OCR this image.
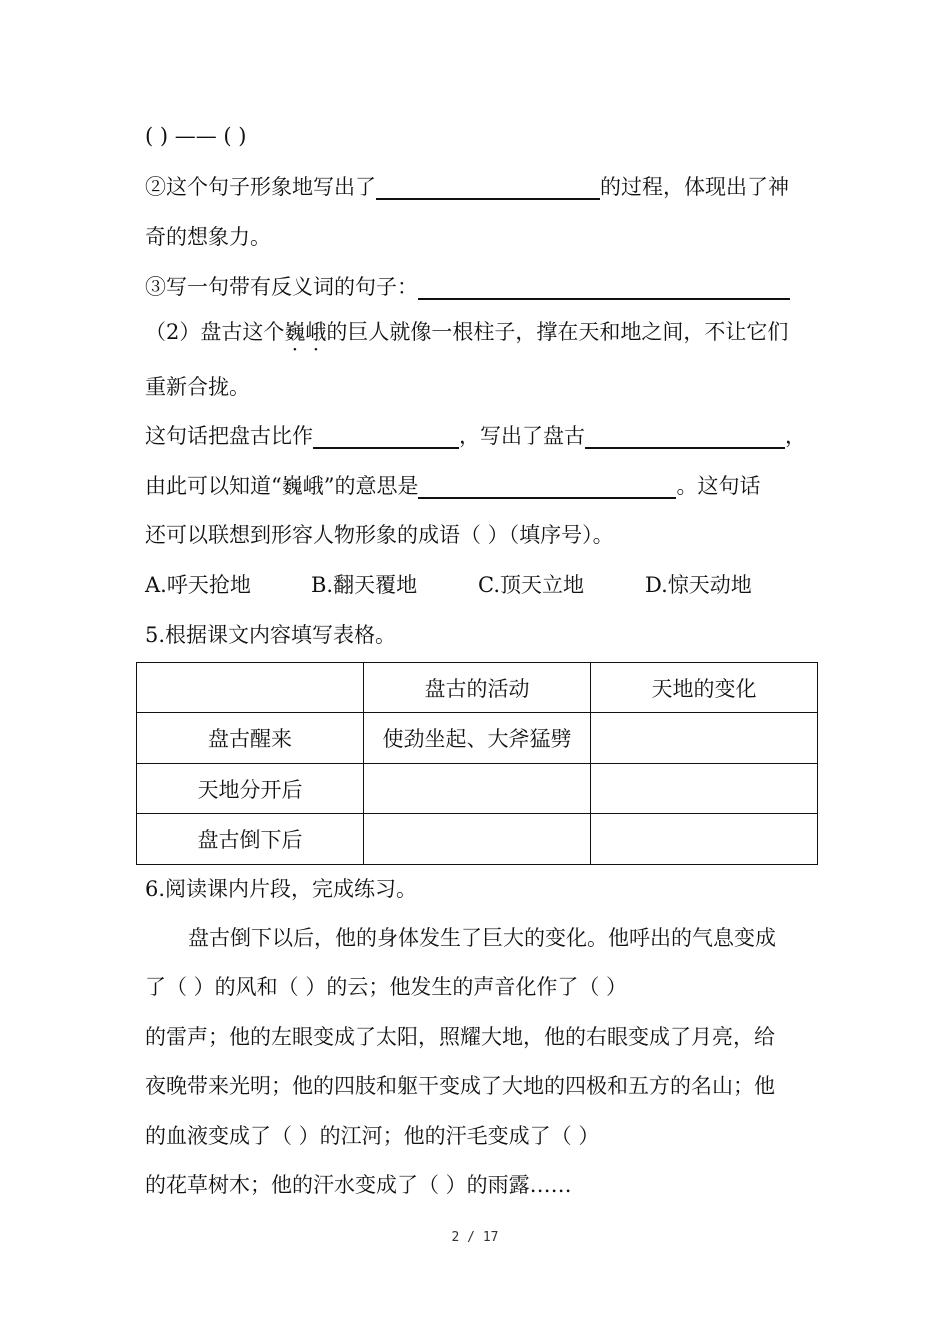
( ) —— ( )
②这个句子形象地写出了	的过程，体现出了神
奇的想象力。
③写一句带有反义词的句子：
（2）盘古这个巍峨的巨人就像一根柱子，撑在天和地之间，不让它们
重新合拢。
这句话把盘古比作	，写出了盘古	，
由此可以知道“巍峨”的意思是	。这句话
还可以联想到形容人物形象的成语（ ）（填序号）。
A.呼天抢地	B.翻天覆地	C.顶天立地	D.惊天动地
5.根据课文内容填写表格。
	盘古的活动	天地的变化
盘古醒来	使劲坐起、大斧猛劈	
天地分开后		
盘古倒下后		
6.阅读课内片段，完成练习。
盘古倒下以后，他的身体发生了巨大的变化。他呼出的气息变成
了（ ）的风和（ ）的云；他发生的声音化作了（ ）
的雷声；他的左眼变成了太阳，照耀大地，他的右眼变成了月亮，给
夜晚带来光明；他的四肢和躯干变成了大地的四极和五方的名山；他
的血液变成了（ ）的江河；他的汗毛变成了（ ）
的花草树木；他的汗水变成了（ ）的雨露……
2 / 17
